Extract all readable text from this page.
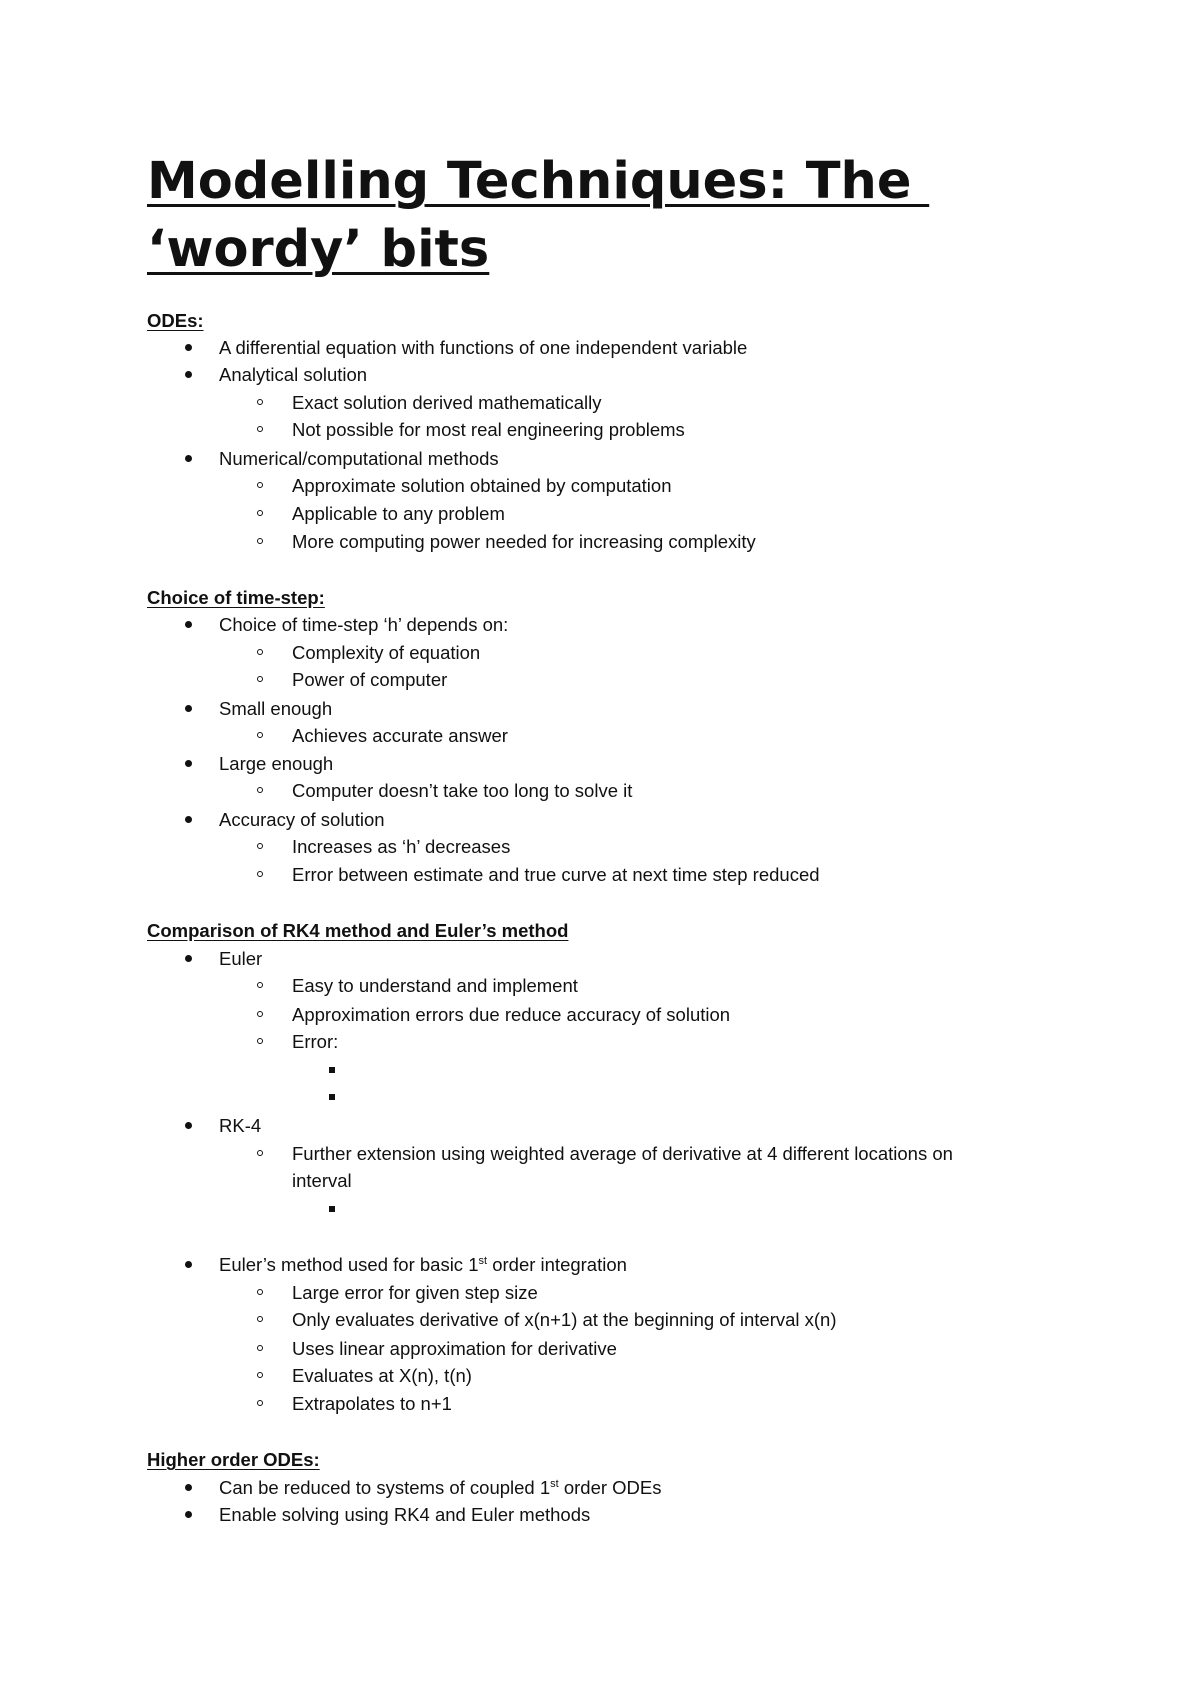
Modelling Techniques: The
‘wordy’ bits
ODEs:
A differential equation with functions of one independent variable
Analytical solution
Exact solution derived mathematically
Not possible for most real engineering problems
Numerical/computational methods
Approximate solution obtained by computation
Applicable to any problem
More computing power needed for increasing complexity
Choice of time-step:
Choice of time-step ‘h’ depends on:
Complexity of equation
Power of computer
Small enough
Achieves accurate answer
Large enough
Computer doesn’t take too long to solve it
Accuracy of solution
Increases as ‘h’ decreases
Error between estimate and true curve at next time step reduced
Comparison of RK4 method and Euler’s method
Euler
Easy to understand and implement
Approximation errors due reduce accuracy of solution
Error:
RK-4
Further extension using weighted average of derivative at 4 different locations on
interval
Euler’s method used for basic 1st order integration
Large error for given step size
Only evaluates derivative of x(n+1) at the beginning of interval x(n)
Uses linear approximation for derivative
Evaluates at X(n), t(n)
Extrapolates to n+1
Higher order ODEs:
Can be reduced to systems of coupled 1st order ODEs
Enable solving using RK4 and Euler methods
